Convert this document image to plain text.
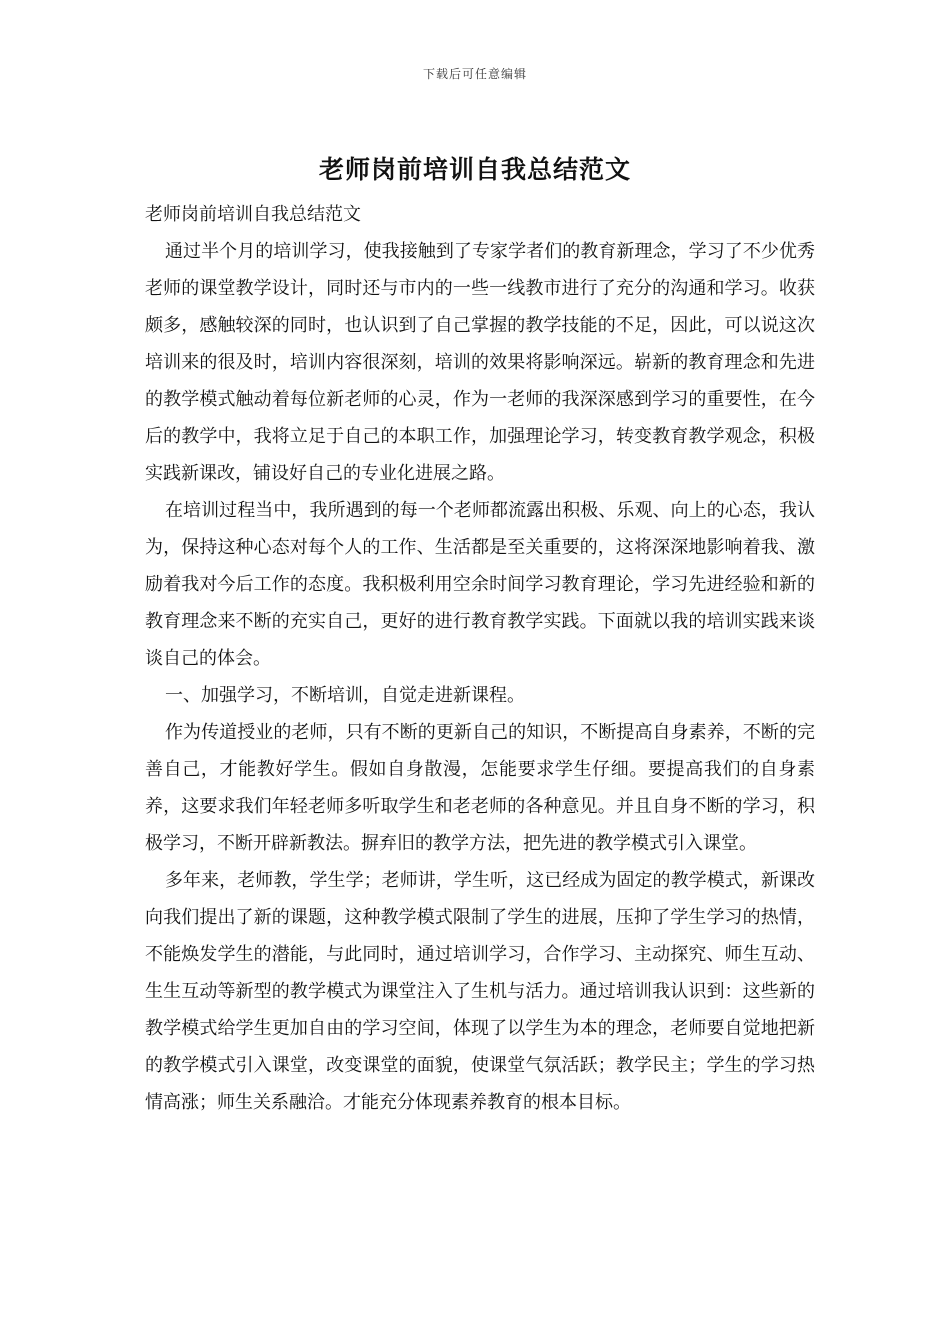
下载后可任意编辑
老师岗前培训自我总结范文

老师岗前培训自我总结范文

通过半个月的培训学习，使我接触到了专家学者们的教育新理念，学习了不少优秀老师的课堂教学设计，同时还与市内的一些一线教市进行了充分的沟通和学习。收获颇多，感触较深的同时，也认识到了自己掌握的教学技能的不足，因此，可以说这次培训来的很及时，培训内容很深刻，培训的效果将影响深远。崭新的教育理念和先进的教学模式触动着每位新老师的心灵，作为一老师的我深深感到学习的重要性，在今后的教学中，我将立足于自己的本职工作，加强理论学习，转变教育教学观念，积极实践新课改，铺设好自己的专业化进展之路。

在培训过程当中，我所遇到的每一个老师都流露出积极、乐观、向上的心态，我认为，保持这种心态对每个人的工作、生活都是至关重要的，这将深深地影响着我、激励着我对今后工作的态度。我积极利用空余时间学习教育理论，学习先进经验和新的教育理念来不断的充实自己，更好的进行教育教学实践。下面就以我的培训实践来谈谈自己的体会。

一、加强学习，不断培训，自觉走进新课程。

作为传道授业的老师，只有不断的更新自己的知识，不断提高自身素养，不断的完善自己，才能教好学生。假如自身散漫，怎能要求学生仔细。要提高我们的自身素养，这要求我们年轻老师多听取学生和老老师的各种意见。并且自身不断的学习，积极学习，不断开辟新教法。摒弃旧的教学方法，把先进的教学模式引入课堂。

多年来，老师教，学生学；老师讲，学生听，这已经成为固定的教学模式，新课改向我们提出了新的课题，这种教学模式限制了学生的进展，压抑了学生学习的热情，不能焕发学生的潜能，与此同时，通过培训学习，合作学习、主动探究、师生互动、生生互动等新型的教学模式为课堂注入了生机与活力。通过培训我认识到：这些新的教学模式给学生更加自由的学习空间，体现了以学生为本的理念，老师要自觉地把新的教学模式引入课堂，改变课堂的面貌，使课堂气氛活跃；教学民主；学生的学习热情高涨；师生关系融洽。才能充分体现素养教育的根本目标。
